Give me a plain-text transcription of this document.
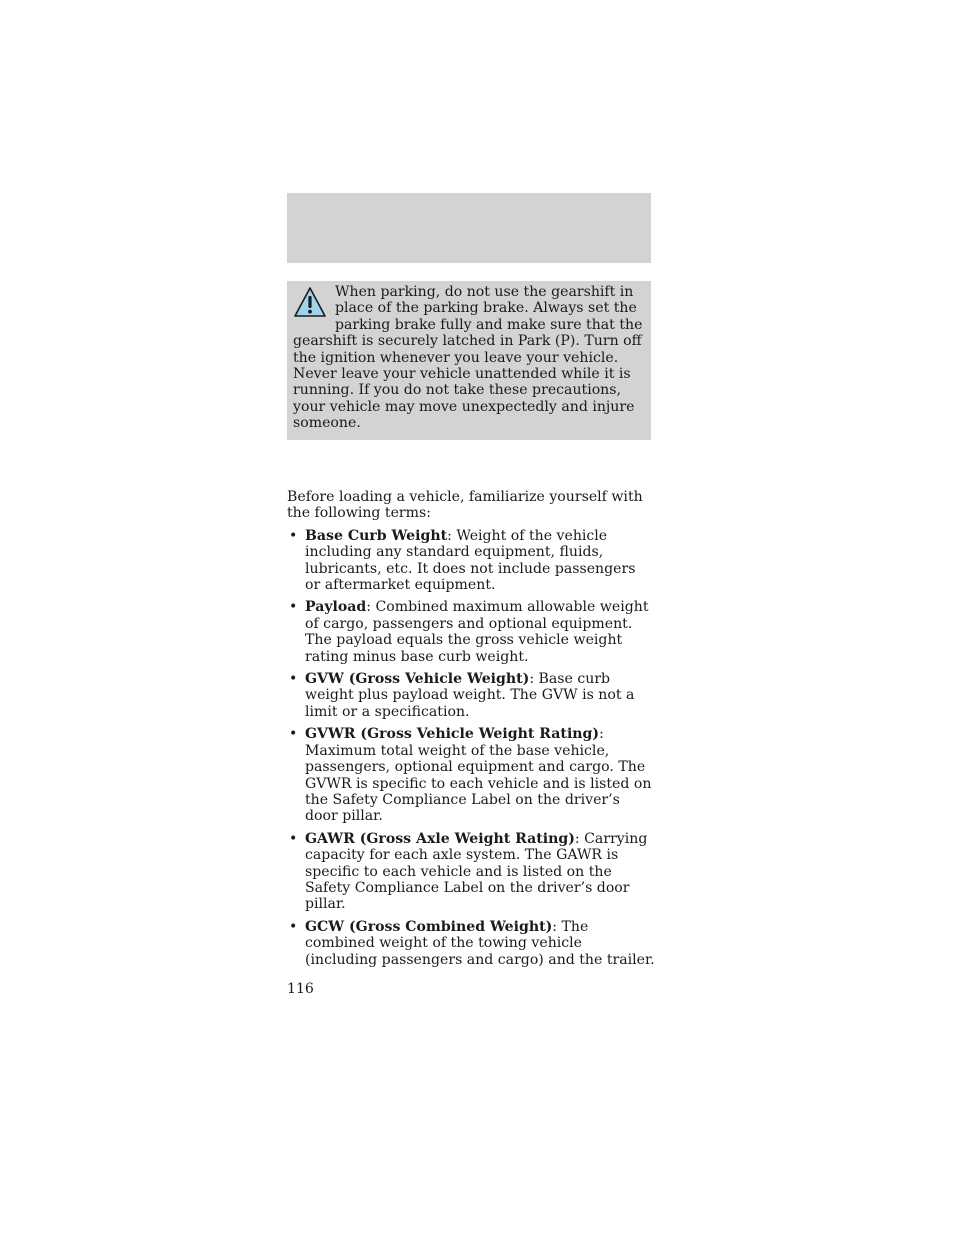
When parking, do not use the gearshift in place of the parking brake. Always set the parking brake fully and make sure that the gearshift is securely latched in Park (P). Turn off the ignition whenever you leave your vehicle. Never leave your vehicle unattended while it is running. If you do not take these precautions, your vehicle may move unexpectedly and injure someone.

Before loading a vehicle, familiarize yourself with the following terms:

• Base Curb Weight: Weight of the vehicle including any standard equipment, fluids, lubricants, etc. It does not include passengers or aftermarket equipment.
• Payload: Combined maximum allowable weight of cargo, passengers and optional equipment. The payload equals the gross vehicle weight rating minus base curb weight.
• GVW (Gross Vehicle Weight): Base curb weight plus payload weight. The GVW is not a limit or a specification.
• GVWR (Gross Vehicle Weight Rating): Maximum total weight of the base vehicle, passengers, optional equipment and cargo. The GVWR is specific to each vehicle and is listed on the Safety Compliance Label on the driver’s door pillar.
• GAWR (Gross Axle Weight Rating): Carrying capacity for each axle system. The GAWR is specific to each vehicle and is listed on the Safety Compliance Label on the driver’s door pillar.
• GCW (Gross Combined Weight): The combined weight of the towing vehicle (including passengers and cargo) and the trailer.
116
